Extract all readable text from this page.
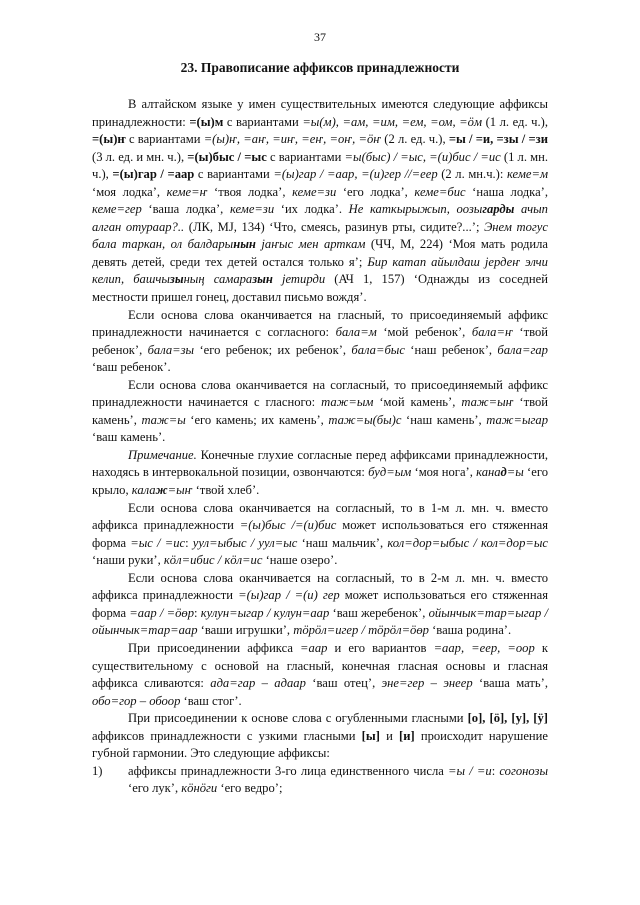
37
23. Правописание аффиксов принадлежности

В алтайском языке у имен существительных имеются следующие аффиксы принадлежности: =(ы)м с вариантами =ы(м), =ам, =им, =ем, =ом, =öм (1 л. ед. ч.), =(ы)ҥ с вариантами =(ы)ҥ, =аҥ, =иҥ, =еҥ, =оҥ, =öҥ (2 л. ед. ч.), =ы / =и, =зы / =зи (3 л. ед. и мн. ч.), =(ы)быс / =ыс с вариантами =ы(быс) / =ыс, =(и)бис / =ис (1 л. мн. ч.), =(ы)гар / =аар с вариантами =(ы)гар / =аар, =(и)гер //=еер (2 л. мн.ч.): кеме=м ‘моя лодка’, кеме=ҥ ‘твоя лодка’, кеме=зи ‘его лодка’, кеме=бис ‘наша лодка’, кеме=гер ‘ваша лодка’, кеме=зи ‘их лодка’. Не каткырыжып, оозыгарды ачып алган отураар?.. (ЛК, МЈ, 134) ‘Что, смеясь, разинув рты, сидите?...’; Энем тогус бала таркан, ол балдарынын јаҥыс мен арткам (ЧЧ, М, 224) ‘Моя мать родила девять детей, среди тех детей остался только я’; Бир катап айылдаш јердеҥ элчи келип, башчызының самаразын јетирди (АЧ 1, 157) ‘Однажды из соседней местности пришел гонец, доставил письмо вождя’.

Если основа слова оканчивается на гласный, то присоединяемый аффикс принадлежности начинается с согласного: бала=м ‘мой ребенок’, бала=ҥ ‘твой ребенок’, бала=зы ‘его ребенок; их ребенок’, бала=быс ‘наш ребенок’, бала=гар ‘ваш ребенок’.

Если основа слова оканчивается на согласный, то присоединяемый аффикс принадлежности начинается с гласного: таж=ым ‘мой камень’, таж=ыҥ ‘твой камень’, таж=ы ‘его камень; их камень’, таж=ы(бы)с ‘наш камень’, таж=ыгар ‘ваш камень’.

Примечание. Конечные глухие согласные перед аффиксами принадлежности, находясь в интервокальной позиции, озвончаются: буд=ым ‘моя нога’, канад=ы ‘его крыло, калаж=ыҥ ‘твой хлеб’.

Если основа слова оканчивается на согласный, то в 1-м л. мн. ч. вместо аффикса принадлежности =(ы)быс /=(и)бис может использоваться его стяженная форма =ыс / =ис: уул=ыбыс / уул=ыс ‘наш мальчик’, кол=дор=ыбыс / кол=дор=ыс ‘наши руки’, кöл=ибис / кöл=ис ‘наше озеро’.

Если основа слова оканчивается на согласный, то в 2-м л. мн. ч. вместо аффикса принадлежности =(ы)гар / =(и) гер может использоваться его стяженная форма =аар / =öөр: кулун=ыгар / кулун=аар ‘ваш жеребенок’, ойынчык=тар=ыгар / ойынчык=тар=аар ‘ваши игрушки’, тöрöл=игер / тöрöл=öөр ‘ваша родина’.

При присоединении аффикса =аар и его вариантов =аар, =еер, =оор к существительному с основой на гласный, конечная гласная основы и гласная аффикса сливаются: ада=гар – адаар ‘ваш отец’, эне=гер – энеер ‘ваша мать’, обо=гор – обоор ‘ваш стог’.

При присоединении к основе слова с огубленными гласными [о], [ö], [у], [ӱ] аффиксов принадлежности с узкими гласными [ы] и [и] происходит нарушение губной гармонии. Это следующие аффиксы:

1)	аффиксы принадлежности 3-го лица единственного числа =ы / =и: согонозы ‘его лук’, кöнöги ‘его ведро’;
